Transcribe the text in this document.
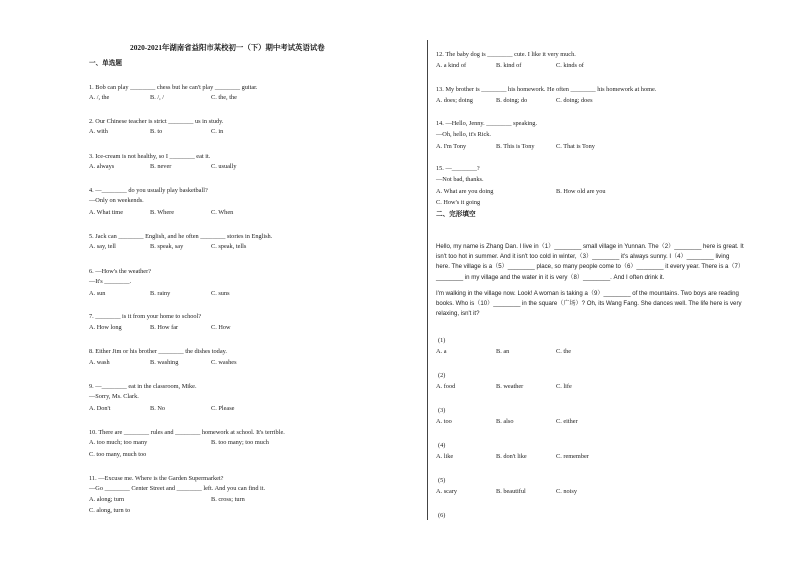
2020-2021年湖南省益阳市某校初一（下）期中考试英语试卷
一、单选题
1. Bob can play ________ chess but he can't play ________ guitar.
A. /, the	B. /, /	C. the, the
2. Our Chinese teacher is strict ________ us in study.
A. with	B. to	C. in
3. Ice-cream is not healthy, so I ________ eat it.
A. always	B. never	C. usually
4. —________ do you usually play basketball?
—Only on weekends.
A. What time	B. Where	C. When
5. Jack can ________ English, and he often ________ stories in English.
A. say, tell	B. speak, say	C. speak, tells
6. —How's the weather?
—It's ________.
A. sun	B. rainy	C. suns
7. ________ is it from your home to school?
A. How long	B. How far	C. How
8. Either Jim or his brother ________ the dishes today.
A. wash	B. washing	C. washes
9. —________ eat in the classroom, Mike.
—Sorry, Ms. Clark.
A. Don't	B. No	C. Please
10. There are ________ rules and ________ homework at school. It's terrible.
A. too much; too many	B. too many; too much
C. too many, much too
11. —Excuse me. Where is the Garden Supermarket?
—Go ________ Center Street and ________ left. And you can find it.
A. along; turn	B. cross; turn
C. along, turn to
12. The baby dog is ________ cute. I like it very much.
A. a kind of	B. kind of	C. kinds of
13. My brother is ________ his homework. He often ________ his homework at home.
A. does; doing	B. doing; do	C. doing; does
14. —Hello, Jenny. ________ speaking.
—Oh, hello, it's Rick.
A. I'm Tony	B. This is Tony	C. That is Tony
15. —________?
—Not bad, thanks.
A. What are you doing	B. How old are you
C. How's it going
二、完形填空
Hello, my name is Zhang Dan. I live in（1）________ small village in Yunnan. The（2）________ here is great. It
isn't too hot in summer. And it isn't too cold in winter,（3）________ it's always sunny. I（4）________ living
here. The village is a（5）________ place, so many people come to（6）________ it every year. There is a（7）
________ in my village and the water in it is very（8）________. And I often drink it.
I'm walking in the village now. Look! A woman is taking a（9）________ of the mountains. Two boys are reading
books. Who is（10）________ in the square（广场）? Oh, its Wang Fang. She dances well. The life here is very
relaxing, isn't it?
(1)
A. a	B. an	C. the
(2)
A. food	B. weather	C. life
(3)
A. too	B. also	C. either
(4)
A. like	B. don't like	C. remember
(5)
A. scary	B. beautiful	C. noisy
(6)
